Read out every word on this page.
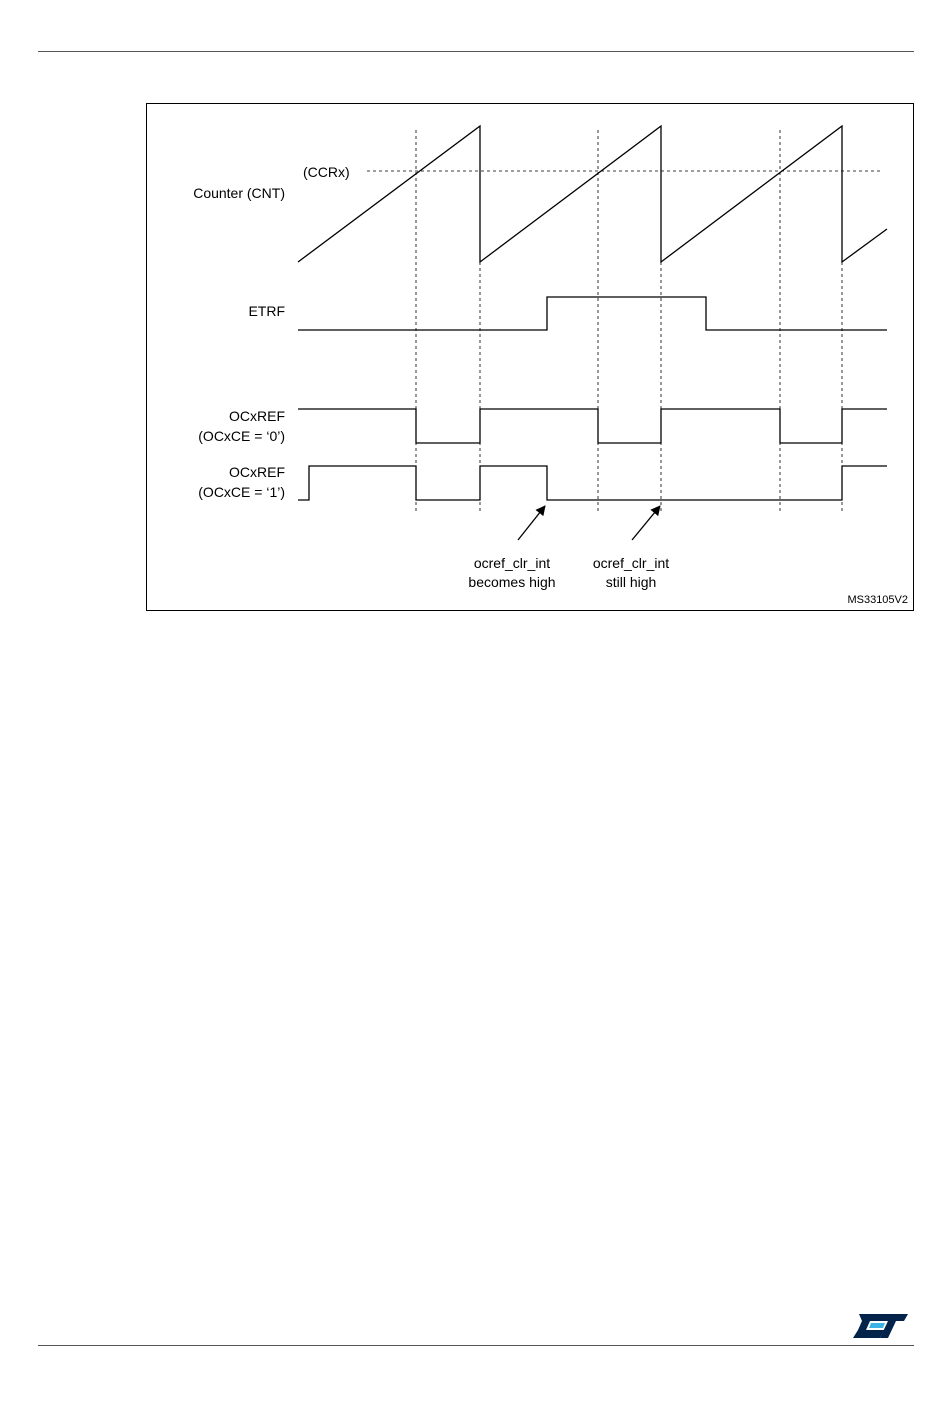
(CCRx)
Counter (CNT)
ETRF
OCxREF
(OCxCE = ‘0’)
OCxREF
(OCxCE = ‘1’)
ocref_clr_int
becomes high
ocref_clr_int
still high
MS33105V2
